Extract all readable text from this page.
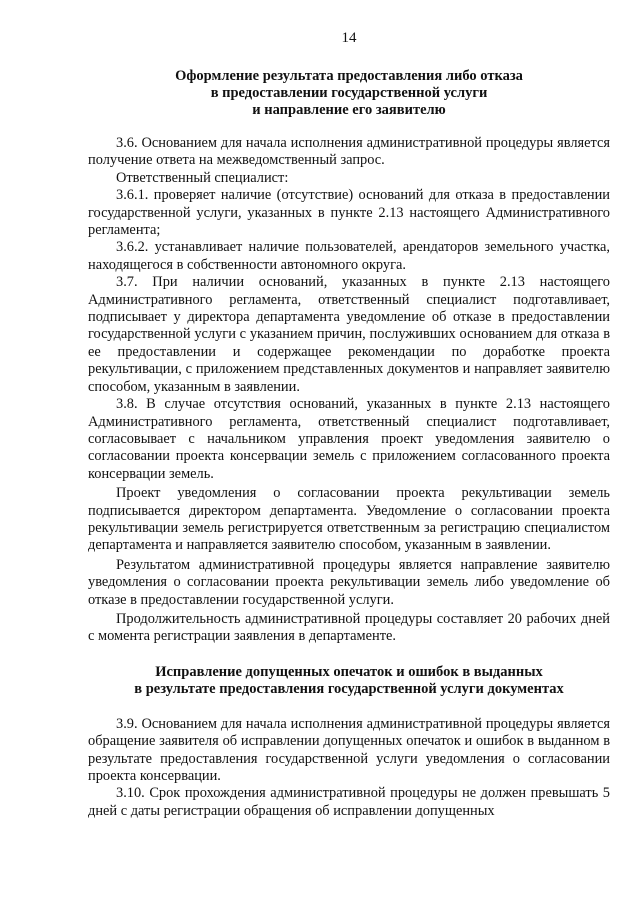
14
Оформление результата предоставления либо отказа
в предоставлении государственной услуги
и направление его заявителю

3.6. Основанием для начала исполнения административной процедуры является получение ответа на межведомственный запрос.

Ответственный специалист:

3.6.1. проверяет наличие (отсутствие) оснований для отказа в предоставлении государственной услуги, указанных в пункте 2.13 настоящего Административного регламента;

3.6.2. устанавливает наличие пользователей, арендаторов земельного участка, находящегося в собственности автономного округа.

3.7. При наличии оснований, указанных в пункте 2.13 настоящего Административного регламента, ответственный специалист подготавливает, подписывает у директора департамента уведомление об отказе в предоставлении государственной услуги с указанием причин, послуживших основанием для отказа в ее предоставлении и содержащее рекомендации по доработке проекта рекультивации, с приложением представленных документов и направляет заявителю способом, указанным в заявлении.

3.8. В случае отсутствия оснований, указанных в пункте 2.13 настоящего Административного регламента, ответственный специалист подготавливает, согласовывает с начальником управления проект уведомления заявителю о согласовании проекта консервации земель с приложением согласованного проекта консервации земель.

Проект уведомления о согласовании проекта рекультивации земель подписывается директором департамента. Уведомление о согласовании проекта рекультивации земель регистрируется ответственным за регистрацию специалистом департамента и направляется заявителю способом, указанным в заявлении.

Результатом административной процедуры является направление заявителю уведомления о согласовании проекта рекультивации земель либо уведомление об отказе в предоставлении государственной услуги.

Продолжительность административной процедуры составляет 20 рабочих дней с момента регистрации заявления в департаменте.

Исправление допущенных опечаток и ошибок в выданных
в результате предоставления государственной услуги документах

3.9. Основанием для начала исполнения административной процедуры является обращение заявителя об исправлении допущенных опечаток и ошибок в выданном в результате предоставления государственной услуги уведомления о согласовании проекта консервации.

3.10. Срок прохождения административной процедуры не должен превышать 5 дней с даты регистрации обращения об исправлении допущенных
